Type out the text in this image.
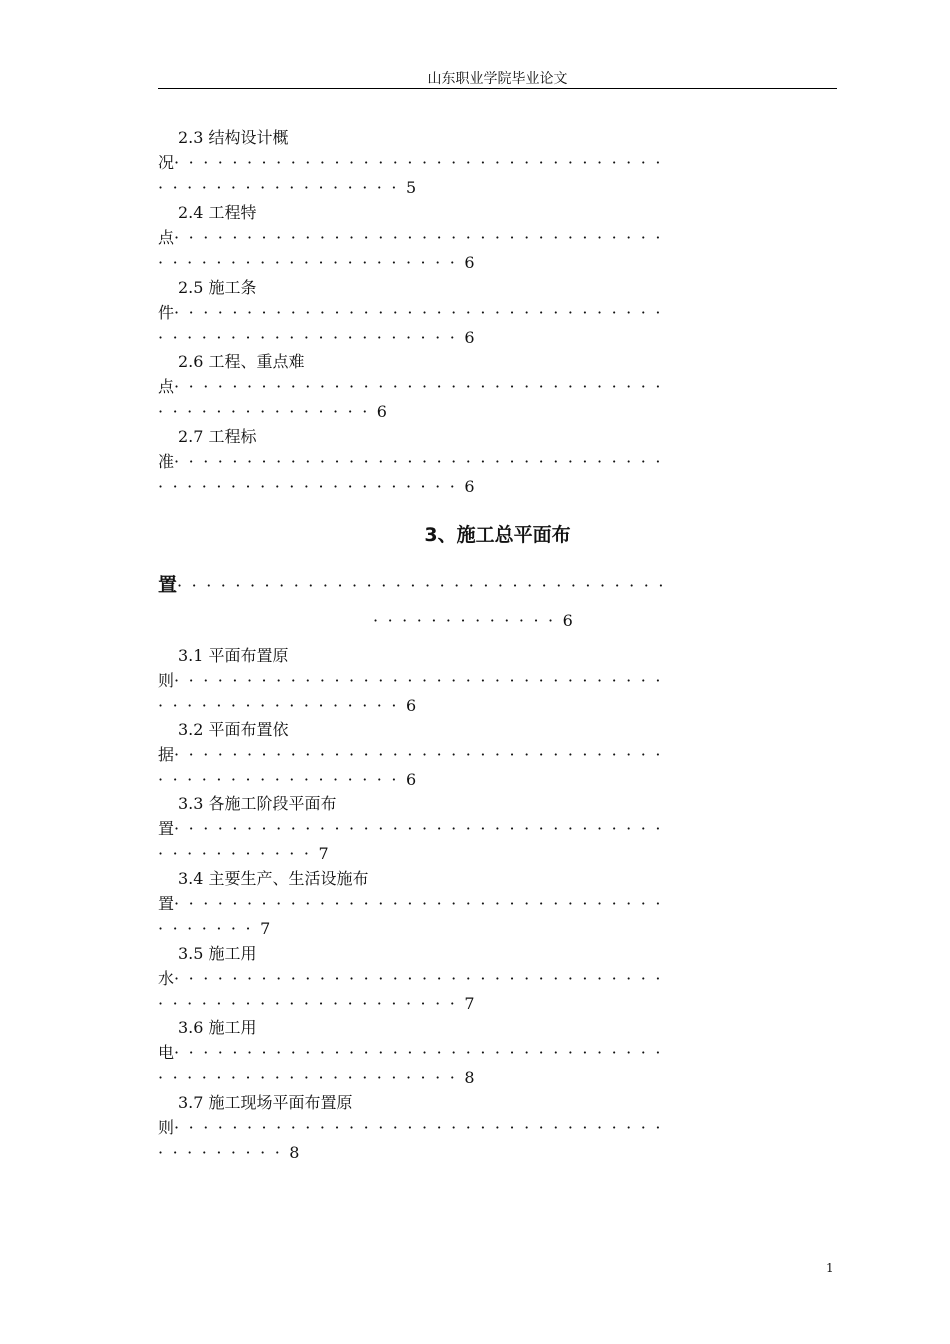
山东职业学院毕业论文
2.3 结构设计概
况··································
·················5
2.4 工程特
点··································
·····················6
2.5 施工条
件··································
·····················6
2.6 工程、重点难
点··································
···············6
2.7 工程标
准··································
·····················6
3、施工总平面布
置··································
·············6
3.1 平面布置原
则··································
·················6
3.2 平面布置依
据··································
·················6
3.3 各施工阶段平面布
置··································
···········7
3.4 主要生产、生活设施布
置··································
·······7
3.5 施工用
水··································
·····················7
3.6 施工用
电··································
·····················8
3.7 施工现场平面布置原
则··································
·········8
1
